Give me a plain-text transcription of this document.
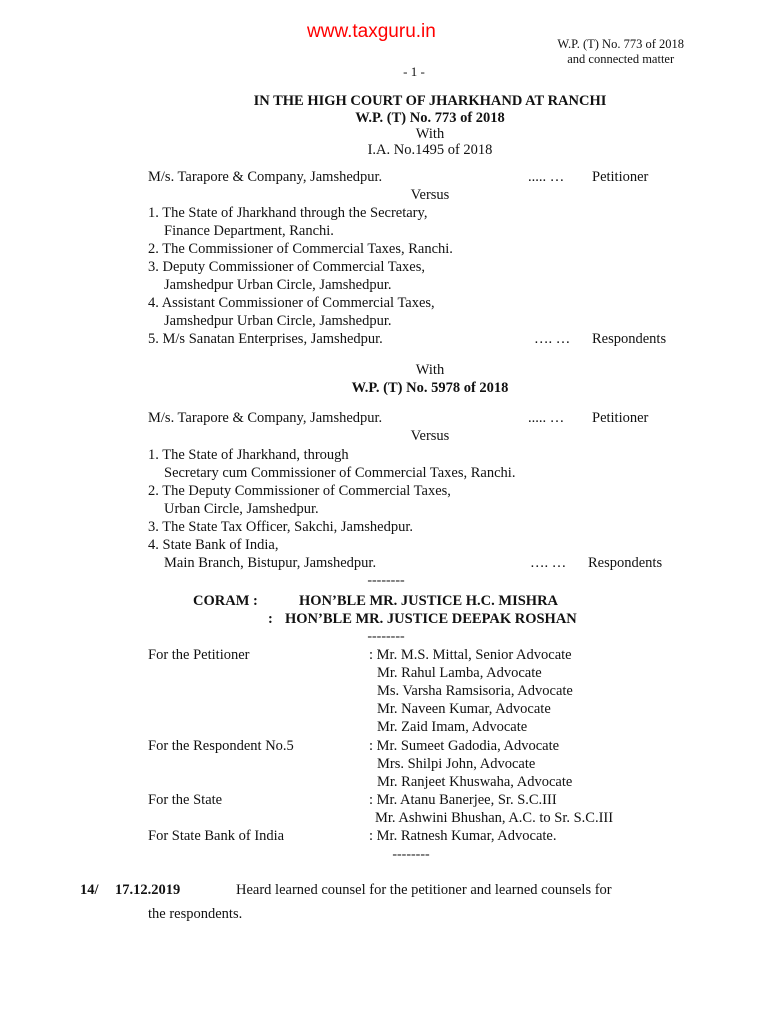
www.taxguru.in
W.P. (T) No. 773 of 2018
and connected matter
- 1 -
IN THE HIGH COURT OF JHARKHAND AT RANCHI
W.P. (T) No. 773 of 2018
With
I.A. No.1495 of 2018
M/s. Tarapore & Company, Jamshedpur.	..... … Petitioner
Versus
1. The State of Jharkhand through the Secretary,
Finance Department, Ranchi.
2. The Commissioner of Commercial Taxes, Ranchi.
3. Deputy Commissioner of Commercial Taxes,
Jamshedpur Urban Circle, Jamshedpur.
4. Assistant Commissioner of Commercial Taxes,
Jamshedpur Urban Circle, Jamshedpur.
5. M/s Sanatan Enterprises, Jamshedpur.	…. … Respondents
With
W.P. (T) No. 5978 of 2018
M/s. Tarapore & Company, Jamshedpur.	..... … Petitioner
Versus
1. The State of Jharkhand, through
Secretary cum Commissioner of Commercial Taxes, Ranchi.
2. The Deputy Commissioner of Commercial Taxes,
Urban Circle, Jamshedpur.
3. The State Tax Officer, Sakchi, Jamshedpur.
4. State Bank of India,
Main Branch, Bistupur, Jamshedpur.	…. … Respondents
--------
CORAM :	HON’BLE MR. JUSTICE H.C. MISHRA
: HON’BLE MR. JUSTICE DEEPAK ROSHAN
--------
For the Petitioner	: Mr. M.S. Mittal, Senior Advocate
Mr. Rahul Lamba, Advocate
Ms. Varsha Ramsisoria, Advocate
Mr. Naveen Kumar, Advocate
Mr. Zaid Imam, Advocate
For the Respondent No.5	: Mr. Sumeet Gadodia, Advocate
Mrs. Shilpi John, Advocate
Mr. Ranjeet Khuswaha, Advocate
For the State	: Mr. Atanu Banerjee, Sr. S.C.III
Mr. Ashwini Bhushan, A.C. to Sr. S.C.III
For State Bank of India	: Mr. Ratnesh Kumar, Advocate.
--------
14/ 17.12.2019	Heard learned counsel for the petitioner and learned counsels for
the respondents.
